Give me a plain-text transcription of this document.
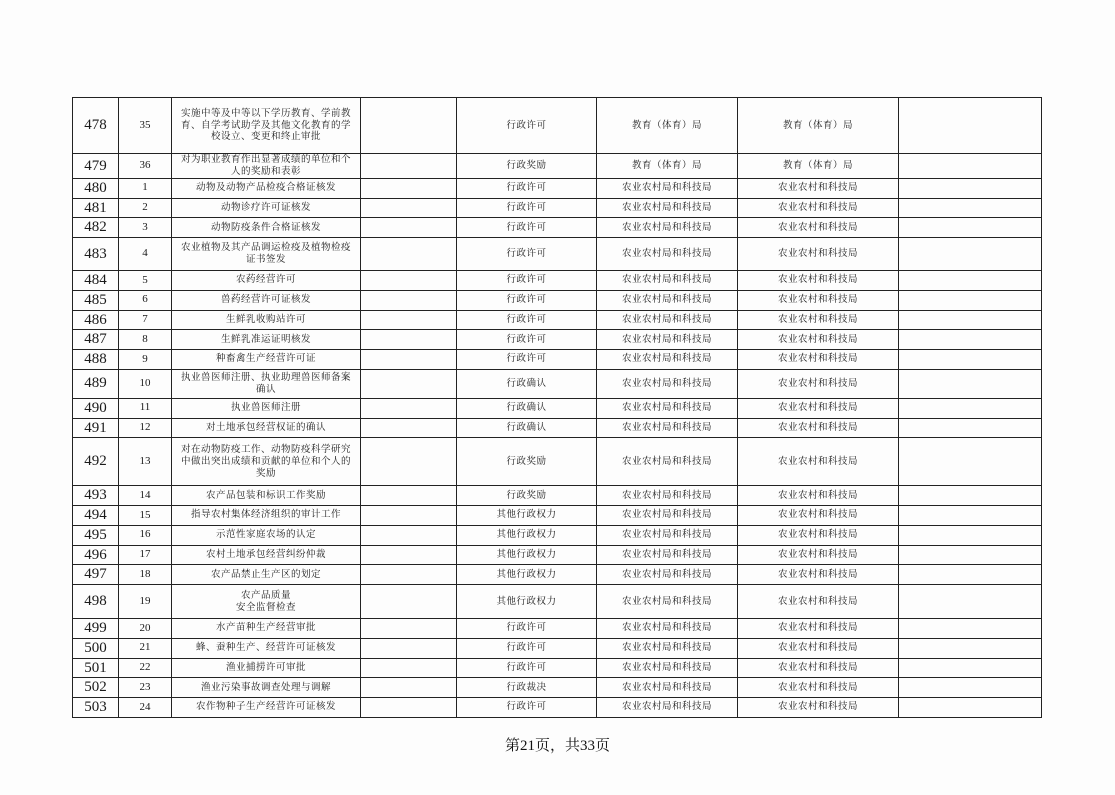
478	35	实施中等及中等以下学历教育、学前教育、自学考试助学及其他文化教育的学校设立、变更和终止审批		行政许可	教育（体育）局	教育（体育）局	
479	36	对为职业教育作出显著成绩的单位和个人的奖励和表彰		行政奖励	教育（体育）局	教育（体育）局	
480	1	动物及动物产品检疫合格证核发		行政许可	农业农村局和科技局	农业农村和科技局	
481	2	动物诊疗许可证核发		行政许可	农业农村局和科技局	农业农村和科技局	
482	3	动物防疫条件合格证核发		行政许可	农业农村局和科技局	农业农村和科技局	
483	4	农业植物及其产品调运检疫及植物检疫证书签发		行政许可	农业农村局和科技局	农业农村和科技局	
484	5	农药经营许可		行政许可	农业农村局和科技局	农业农村和科技局	
485	6	兽药经营许可证核发		行政许可	农业农村局和科技局	农业农村和科技局	
486	7	生鲜乳收购站许可		行政许可	农业农村局和科技局	农业农村和科技局	
487	8	生鲜乳准运证明核发		行政许可	农业农村局和科技局	农业农村和科技局	
488	9	种畜禽生产经营许可证		行政许可	农业农村局和科技局	农业农村和科技局	
489	10	执业兽医师注册、执业助理兽医师备案确认		行政确认	农业农村局和科技局	农业农村和科技局	
490	11	执业兽医师注册		行政确认	农业农村局和科技局	农业农村和科技局	
491	12	对土地承包经营权证的确认		行政确认	农业农村局和科技局	农业农村和科技局	
492	13	对在动物防疫工作、动物防疫科学研究中做出突出成绩和贡献的单位和个人的奖励		行政奖励	农业农村局和科技局	农业农村和科技局	
493	14	农产品包装和标识工作奖励		行政奖励	农业农村局和科技局	农业农村和科技局	
494	15	指导农村集体经济组织的审计工作		其他行政权力	农业农村局和科技局	农业农村和科技局	
495	16	示范性家庭农场的认定		其他行政权力	农业农村局和科技局	农业农村和科技局	
496	17	农村土地承包经营纠纷仲裁		其他行政权力	农业农村局和科技局	农业农村和科技局	
497	18	农产品禁止生产区的划定		其他行政权力	农业农村局和科技局	农业农村和科技局	
498	19	农产品质量
安全监督检查		其他行政权力	农业农村局和科技局	农业农村和科技局	
499	20	水产苗种生产经营审批		行政许可	农业农村局和科技局	农业农村和科技局	
500	21	蜂、蚕种生产、经营许可证核发		行政许可	农业农村局和科技局	农业农村和科技局	
501	22	渔业捕捞许可审批		行政许可	农业农村局和科技局	农业农村和科技局	
502	23	渔业污染事故调查处理与调解		行政裁决	农业农村局和科技局	农业农村和科技局	
503	24	农作物种子生产经营许可证核发		行政许可	农业农村局和科技局	农业农村和科技局	
第21页，共33页
